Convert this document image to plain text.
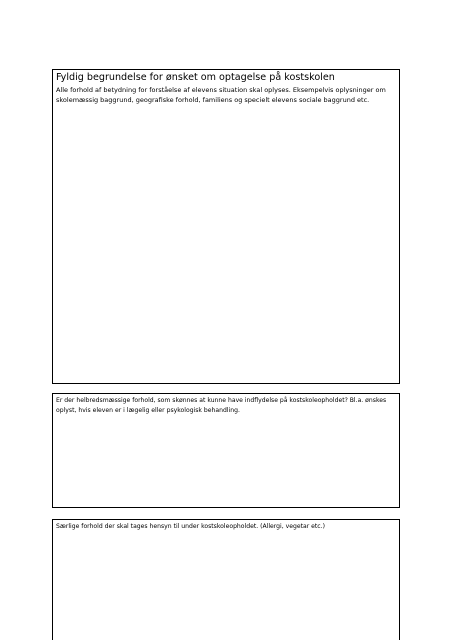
Fyldig begrundelse for ønsket om optagelse på kostskolen

Alle forhold af betydning for forståelse af elevens situation skal oplyses. Eksempelvis oplysninger om skolemæssig baggrund, geografiske forhold, familiens og specielt elevens sociale baggrund etc.

Er der helbredsmæssige forhold, som skønnes at kunne have indflydelse på kostskoleopholdet? Bl.a. ønskes oplyst, hvis eleven er i lægelig eller psykologisk behandling.

Særlige forhold der skal tages hensyn til under kostskoleopholdet. (Allergi, vegetar etc.)
